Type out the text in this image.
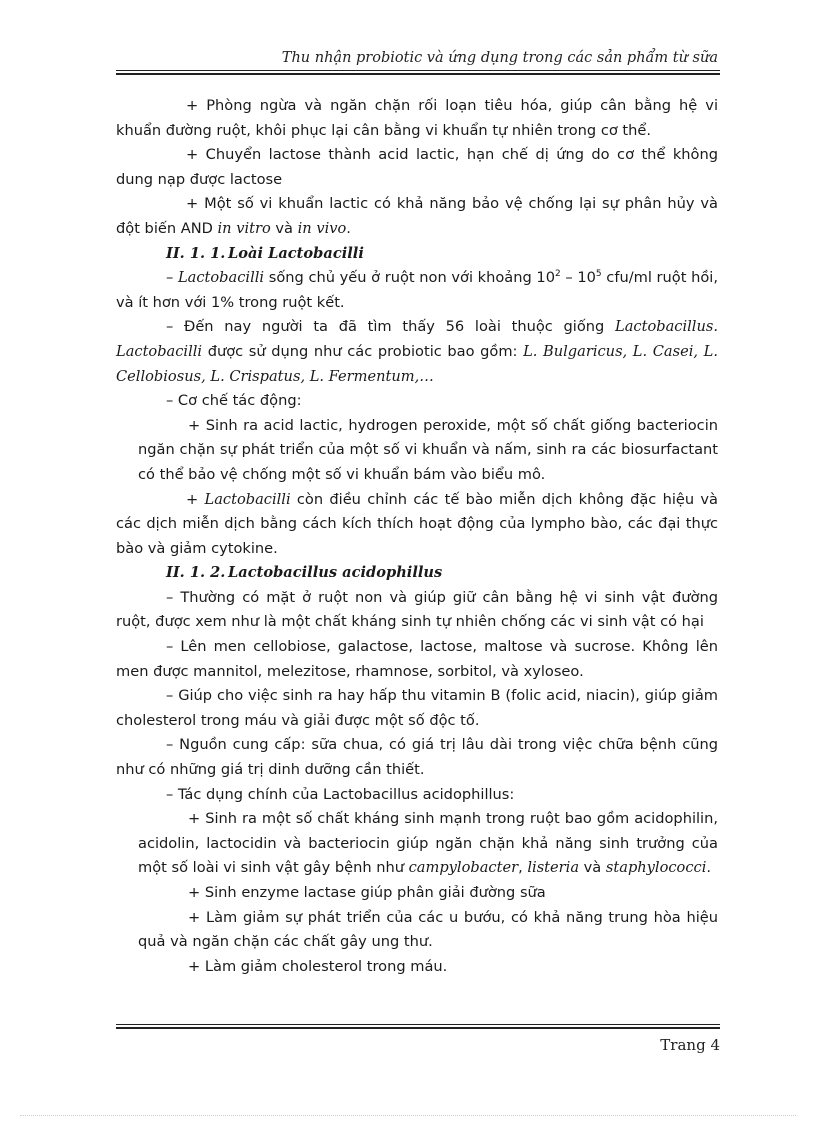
Thu nhận probiotic và ứng dụng trong các sản phẩm từ sữa

+ Phòng ngừa và ngăn chặn rối loạn tiêu hóa, giúp cân bằng hệ vi khuẩn đường ruột, khôi phục lại cân bằng vi khuẩn tự nhiên trong cơ thể.

+ Chuyển lactose thành acid lactic, hạn chế dị ứng do cơ thể không dung nạp được lactose

+ Một số vi khuẩn lactic có khả năng bảo vệ chống lại sự phân hủy và đột biến AND in vitro và in vivo.

II. 1. 1. Loài Lactobacilli

– Lactobacilli sống chủ yếu ở ruột non với khoảng $10^2 - 10^5$ cfu/ml ruột hồi, và ít hơn với 1% trong ruột kết.

– Đến nay người ta đã tìm thấy 56 loài thuộc giống Lactobacillus. Lactobacilli được sử dụng như các probiotic bao gồm: L. Bulgaricus, L. Casei, L. Cellobiosus, L. Crispatus, L. Fermentum,…

– Cơ chế tác động:

+ Sinh ra acid lactic, hydrogen peroxide, một số chất giống bacteriocin ngăn chặn sự phát triển của một số vi khuẩn và nấm, sinh ra các biosurfactant có thể bảo vệ chống một số vi khuẩn bám vào biểu mô.

+ Lactobacilli còn điều chỉnh các tế bào miễn dịch không đặc hiệu và các dịch miễn dịch bằng cách kích thích hoạt động của lympho bào, các đại thực bào và giảm cytokine.

II. 1. 2. Lactobacillus acidophillus

– Thường có mặt ở ruột non và giúp giữ cân bằng hệ vi sinh vật đường ruột, được xem như là một chất kháng sinh tự nhiên chống các vi sinh vật có hại

– Lên men cellobiose, galactose, lactose, maltose và sucrose. Không lên men được mannitol, melezitose, rhamnose, sorbitol, và xyloseo.

– Giúp cho việc sinh ra hay hấp thu vitamin B (folic acid, niacin), giúp giảm cholesterol trong máu và giải được một số độc tố.

– Nguồn cung cấp: sữa chua, có giá trị lâu dài trong việc chữa bệnh cũng như có những giá trị dinh dưỡng cần thiết.

– Tác dụng chính của Lactobacillus acidophillus:

+ Sinh ra một số chất kháng sinh mạnh trong ruột bao gồm acidophilin, acidolin, lactocidin và bacteriocin giúp ngăn chặn khả năng sinh trưởng của một số loài vi sinh vật gây bệnh như campylobacter, listeria và staphylococci.

+ Sinh enzyme lactase giúp phân giải đường sữa

+ Làm giảm sự phát triển của các u bướu, có khả năng trung hòa hiệu quả và ngăn chặn các chất gây ung thư.

+ Làm giảm cholesterol trong máu.

Trang 4
